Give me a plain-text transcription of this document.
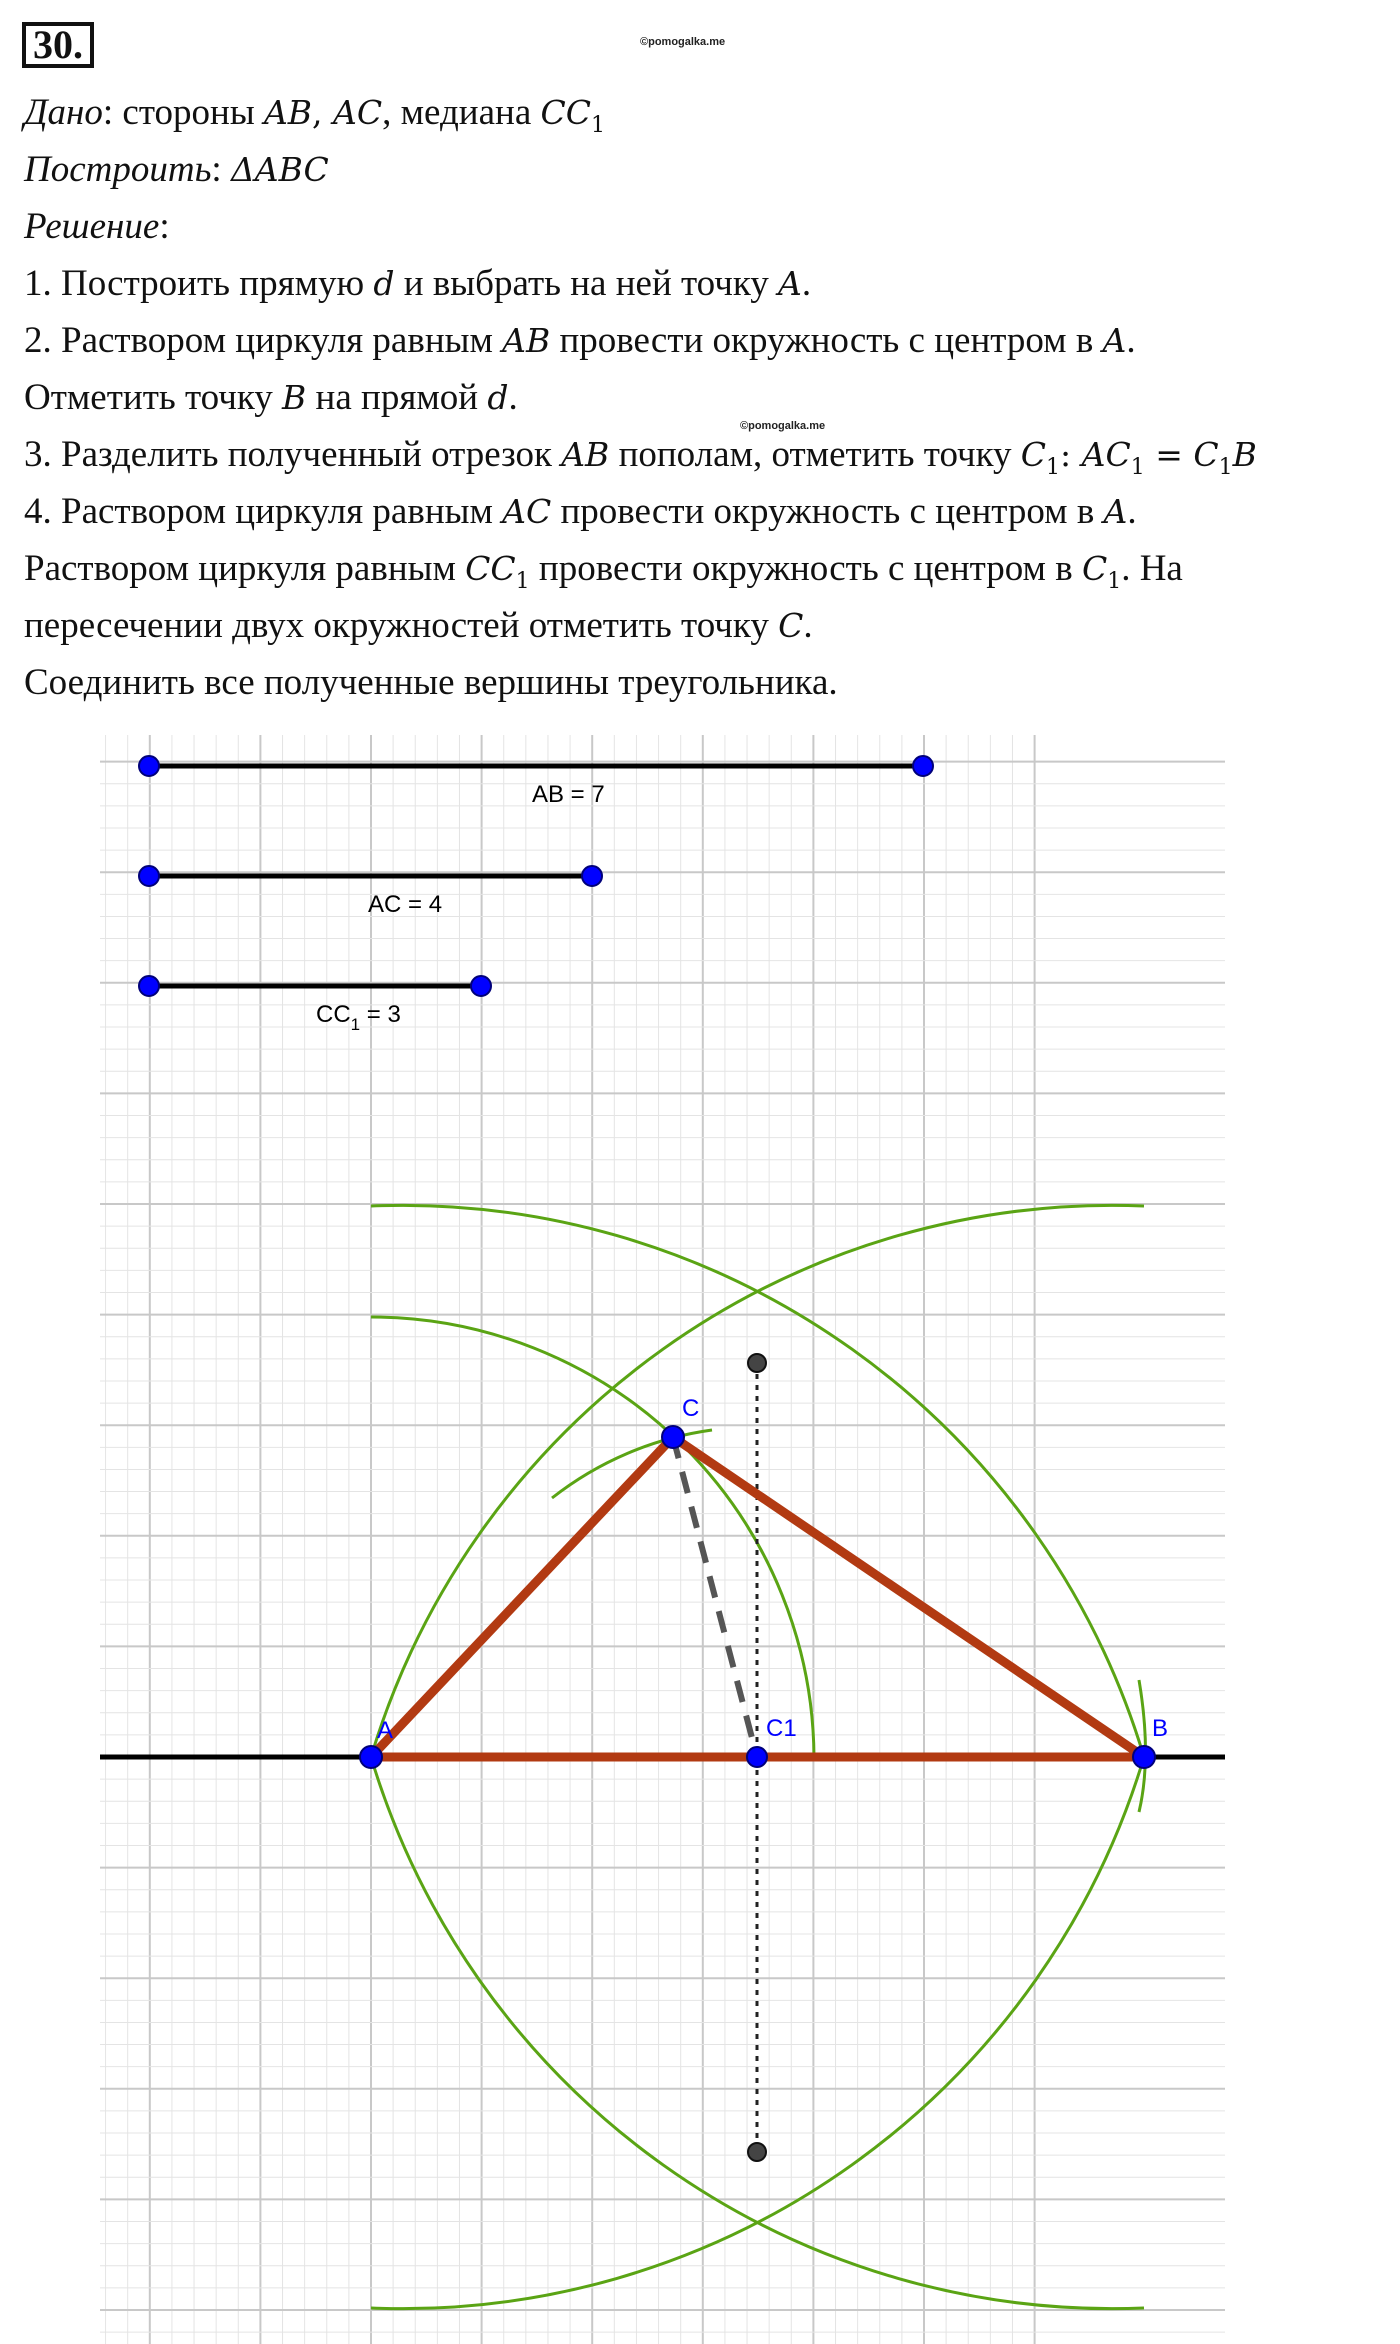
30.	©pomogalka.me
©pomogalka.me
Дано: стороны AB, AC, медиана $CC_1$
Построить: ΔABC
Решение:
1. Построить прямую d и выбрать на ней точку A.
2. Раствором циркуля равным AB провести окружность с центром в A.
Отметить точку B на прямой d.
3. Разделить полученный отрезок AB пополам, отметить точку $C_1$: $AC_1 = C_1B$
4. Раствором циркуля равным AC провести окружность с центром в A.
Раствором циркуля равным $CC_1$ провести окружность с центром в $C_1$. На
пересечении двух окружностей отметить точку C.
Соединить все полученные вершины треугольника.
AB = 7
AC = 4
$CC_1 = 3$
A	B
C
C1
